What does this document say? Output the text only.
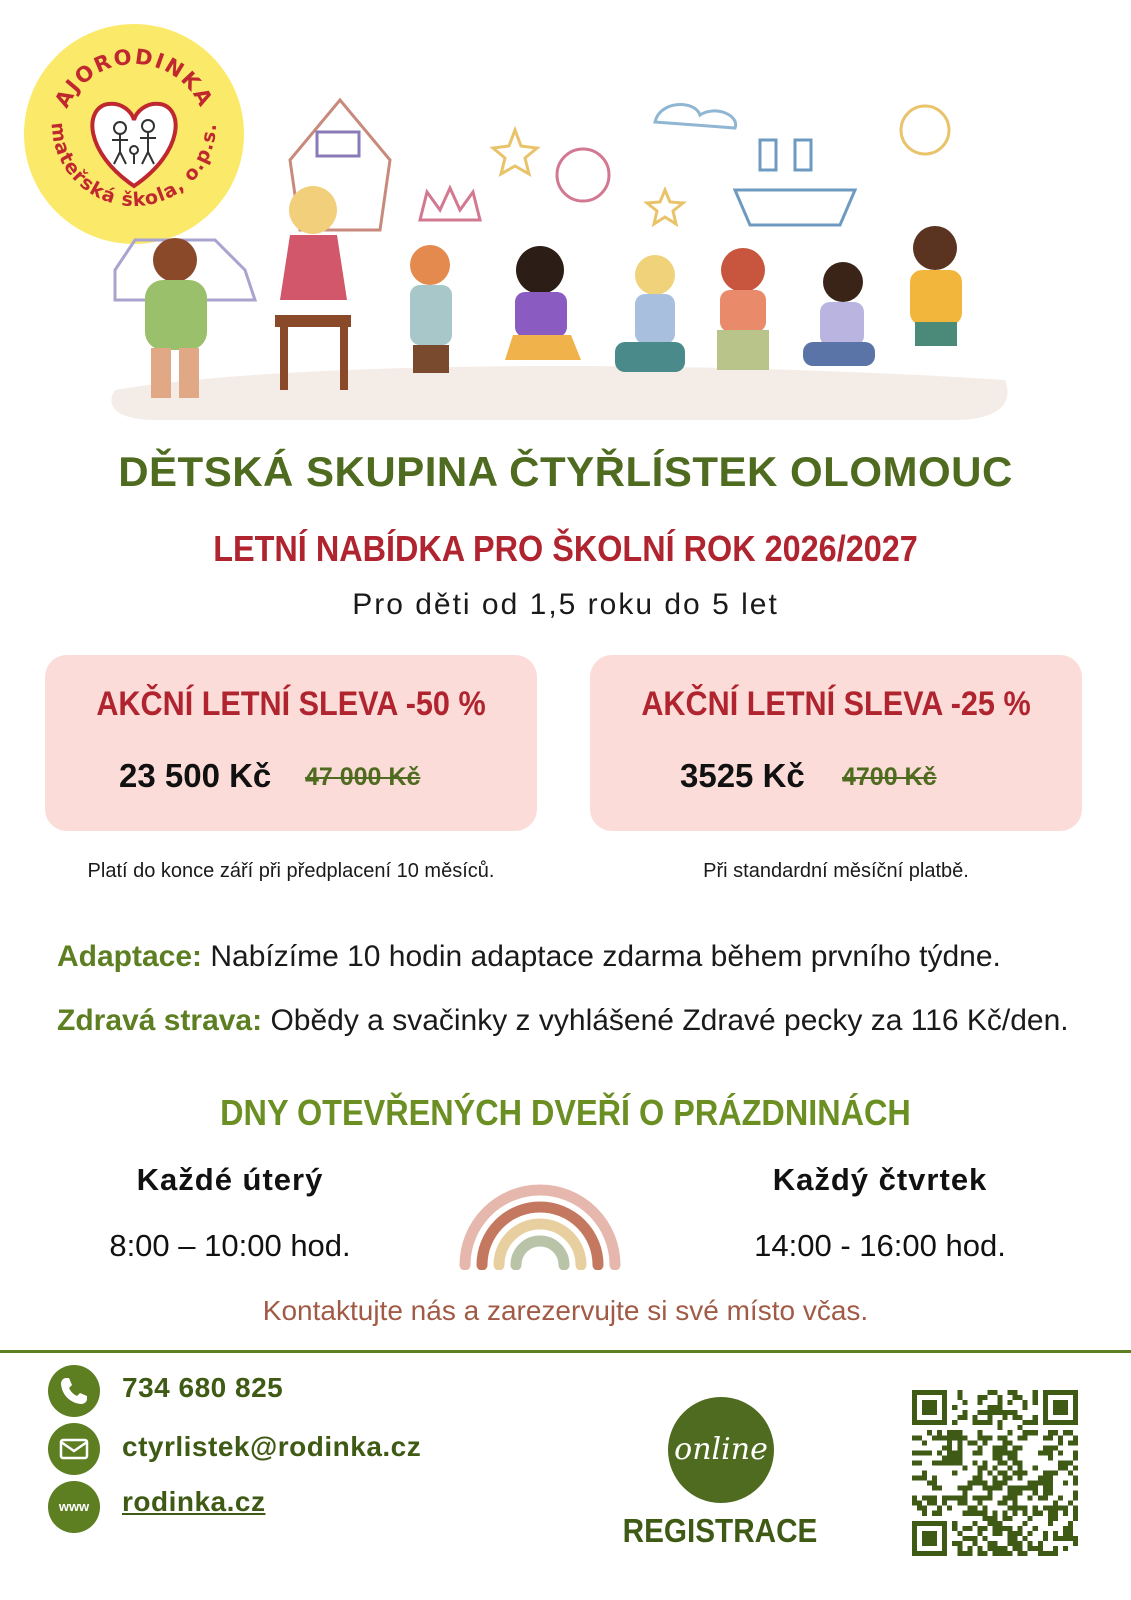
AJORODINKA
mateřská škola, o.p.s.
DĚTSKÁ SKUPINA ČTYŘLÍSTEK OLOMOUC
LETNÍ NABÍDKA PRO ŠKOLNÍ ROK 2026/2027
Pro děti od 1,5 roku do 5 let
AKČNÍ LETNÍ SLEVA -50 %
23 500 Kč 47 000 Kč
AKČNÍ LETNÍ SLEVA -25 %
3525 Kč 4700 Kč
Platí do konce září při předplacení 10 měsíců.	Při standardní měsíční platbě.
Adaptace: Nabízíme 10 hodin adaptace zdarma během prvního týdne.
Zdravá strava: Obědy a svačinky z vyhlášené Zdravé pecky za 116 Kč/den.
DNY OTEVŘENÝCH DVEŘÍ O PRÁZDNINÁCH
Každé úterý
8:00 – 10:00 hod.
Každý čtvrtek
14:00 - 16:00 hod.
Kontaktujte nás a zarezervujte si své místo včas.
734 680 825
ctyrlistek@rodinka.cz
www	rodinka.cz
online
REGISTRACE
